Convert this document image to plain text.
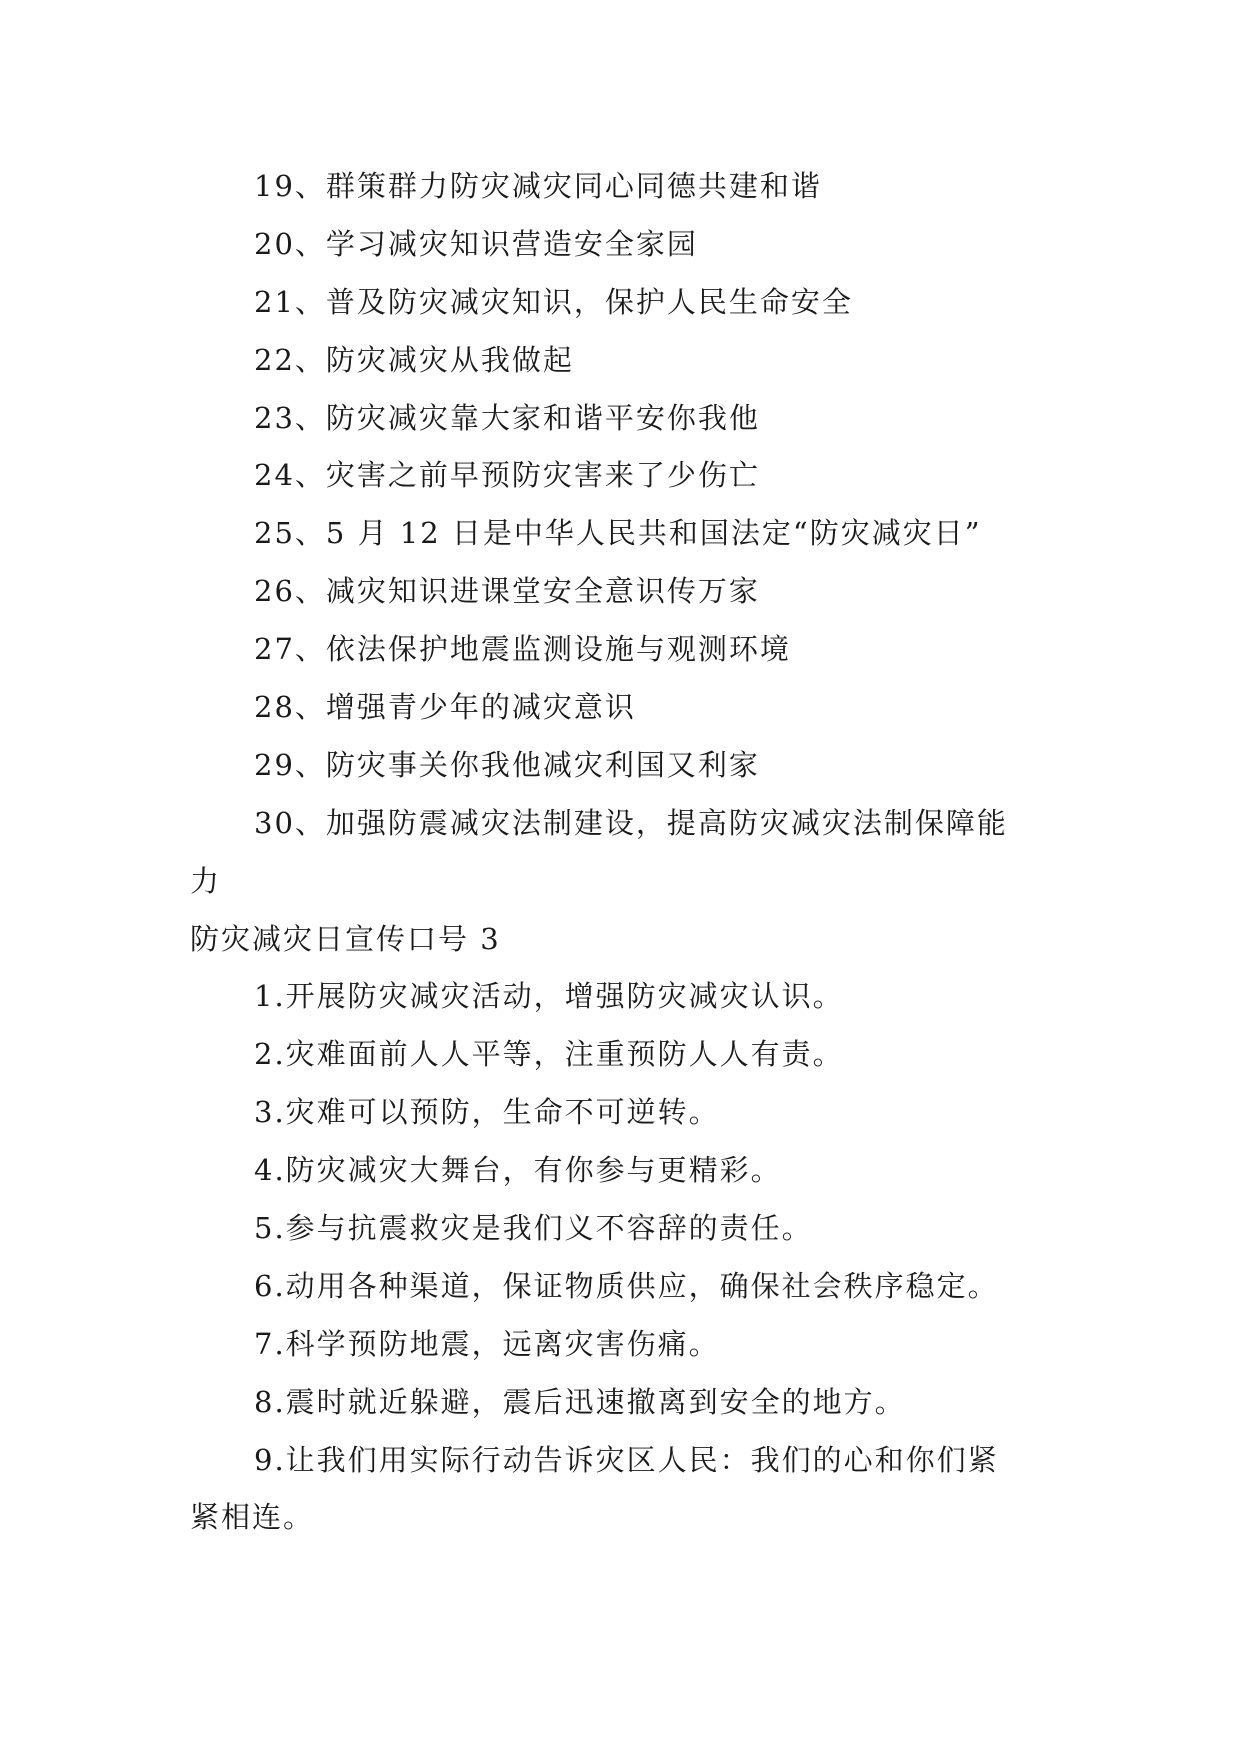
19、群策群力防灾减灾同心同德共建和谐
20、学习减灾知识营造安全家园
21、普及防灾减灾知识，保护人民生命安全
22、防灾减灾从我做起
23、防灾减灾靠大家和谐平安你我他
24、灾害之前早预防灾害来了少伤亡
25、5 月 12 日是中华人民共和国法定“防灾减灾日”
26、减灾知识进课堂安全意识传万家
27、依法保护地震监测设施与观测环境
28、增强青少年的减灾意识
29、防灾事关你我他减灾利国又利家
30、加强防震减灾法制建设，提高防灾减灾法制保障能
力
防灾减灾日宣传口号 3
1.开展防灾减灾活动，增强防灾减灾认识。
2.灾难面前人人平等，注重预防人人有责。
3.灾难可以预防，生命不可逆转。
4.防灾减灾大舞台，有你参与更精彩。
5.参与抗震救灾是我们义不容辞的责任。
6.动用各种渠道，保证物质供应，确保社会秩序稳定。
7.科学预防地震，远离灾害伤痛。
8.震时就近躲避，震后迅速撤离到安全的地方。
9.让我们用实际行动告诉灾区人民：我们的心和你们紧
紧相连。
